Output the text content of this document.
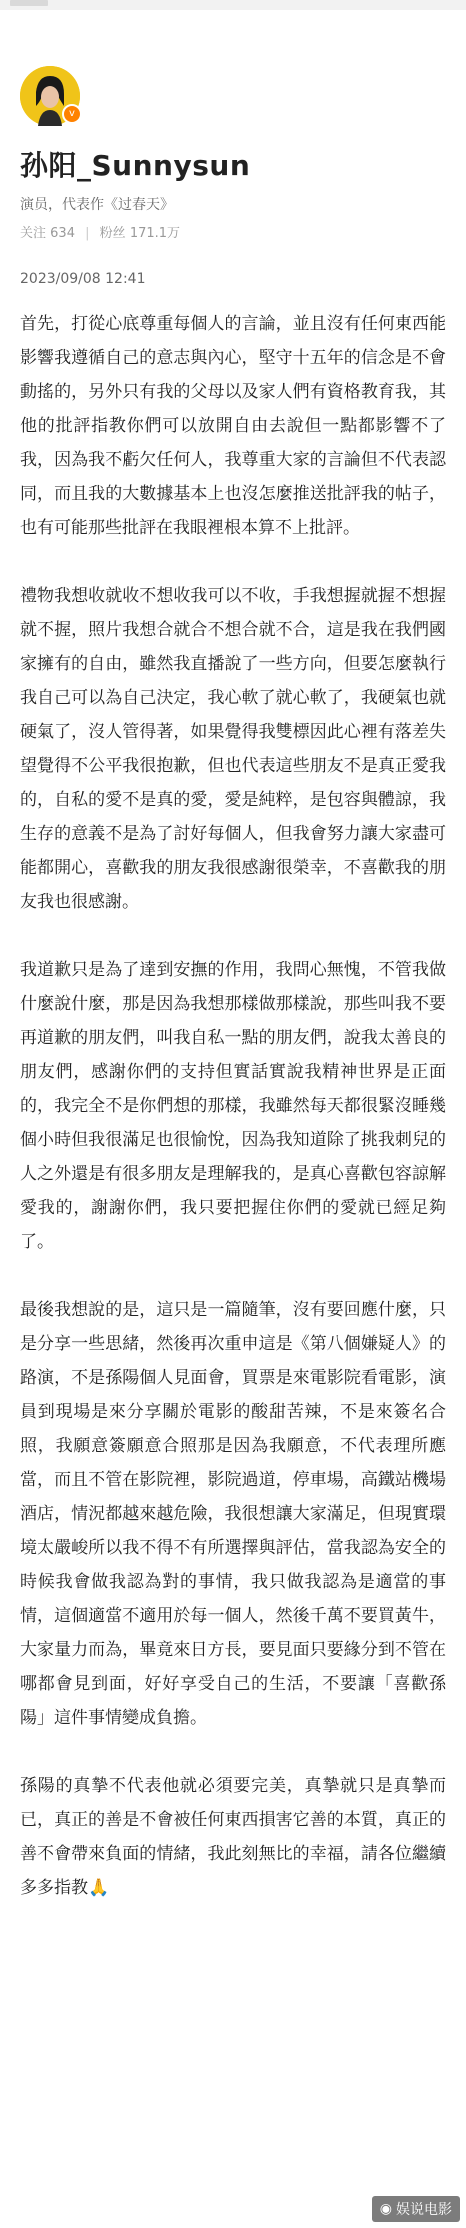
v
孙阳_Sunnysun
演员，代表作《过春天》
关注 634 | 粉丝 171.1万
2023/09/08 12:41

首先，打從心底尊重每個人的言論，並且沒有任何東西能影響我遵循自己的意志與內心，堅守十五年的信念是不會動搖的，另外只有我的父母以及家人們有資格教育我，其他的批評指教你們可以放開自由去說但一點都影響不了我，因為我不虧欠任何人，我尊重大家的言論但不代表認同，而且我的大數據基本上也沒怎麼推送批評我的帖子，也有可能那些批評在我眼裡根本算不上批評。

禮物我想收就收不想收我可以不收，手我想握就握不想握就不握，照片我想合就合不想合就不合，這是我在我們國家擁有的自由，雖然我直播說了一些方向，但要怎麼執行我自己可以為自己決定，我心軟了就心軟了，我硬氣也就硬氣了，沒人管得著，如果覺得我雙標因此心裡有落差失望覺得不公平我很抱歉，但也代表這些朋友不是真正愛我的，自私的愛不是真的愛，愛是純粹，是包容與體諒，我生存的意義不是為了討好每個人，但我會努力讓大家盡可能都開心，喜歡我的朋友我很感謝很榮幸，不喜歡我的朋友我也很感謝。

我道歉只是為了達到安撫的作用，我問心無愧，不管我做什麼說什麼，那是因為我想那樣做那樣說，那些叫我不要再道歉的朋友們，叫我自私一點的朋友們，說我太善良的朋友們，感謝你們的支持但實話實說我精神世界是正面的，我完全不是你們想的那樣，我雖然每天都很緊沒睡幾個小時但我很滿足也很愉悅，因為我知道除了挑我刺兒的人之外還是有很多朋友是理解我的，是真心喜歡包容諒解愛我的，謝謝你們，我只要把握住你們的愛就已經足夠了。

最後我想說的是，這只是一篇隨筆，沒有要回應什麼，只是分享一些思緒，然後再次重申這是《第八個嫌疑人》的路演，不是孫陽個人見面會，買票是來電影院看電影，演員到現場是來分享關於電影的酸甜苦辣，不是來簽名合照，我願意簽願意合照那是因為我願意，不代表理所應當，而且不管在影院裡，影院過道，停車場，高鐵站機場酒店，情況都越來越危險，我很想讓大家滿足，但現實環境太嚴峻所以我不得不有所選擇與評估，當我認為安全的時候我會做我認為對的事情，我只做我認為是適當的事情，這個適當不適用於每一個人，然後千萬不要買黃牛，大家量力而為，畢竟來日方長，要見面只要緣分到不管在哪都會見到面，好好享受自己的生活，不要讓「喜歡孫陽」這件事情變成負擔。

孫陽的真摯不代表他就必須要完美，真摯就只是真摯而已，真正的善是不會被任何東西損害它善的本質，真正的善不會帶來負面的情緒，我此刻無比的幸福，請各位繼續多多指教🙏

◉ 娱说电影
